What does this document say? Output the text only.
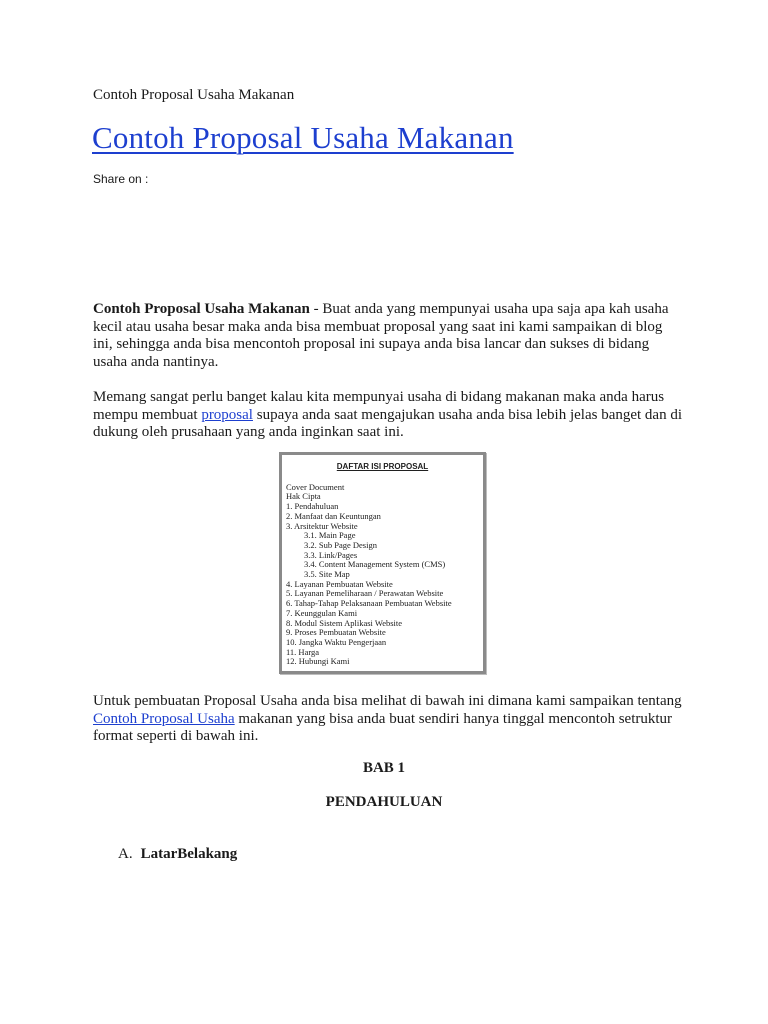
Contoh Proposal Usaha Makanan
Contoh Proposal Usaha Makanan
Share on :
Contoh Proposal Usaha Makanan - Buat anda yang mempunyai usaha upa saja apa kah usaha kecil atau usaha besar maka anda bisa membuat proposal yang saat ini kami sampaikan di blog ini, sehingga anda bisa mencontoh proposal ini supaya anda bisa lancar dan sukses di bidang usaha anda nantinya.
Memang sangat perlu banget kalau kita mempunyai usaha di bidang makanan maka anda harus mempu membuat proposal supaya anda saat mengajukan usaha anda bisa lebih jelas banget dan di dukung oleh prusahaan yang anda inginkan saat ini.
DAFTAR ISI PROPOSAL
Cover Document
Hak Cipta
1. Pendahuluan
2. Manfaat dan Keuntungan
3. Arsitektur Website
3.1. Main Page
3.2. Sub Page Design
3.3. Link/Pages
3.4. Content Management System (CMS)
3.5. Site Map
4. Layanan Pembuatan Website
5. Layanan Pemeliharaan / Perawatan Website
6. Tahap-Tahap Pelaksanaan Pembuatan Website
7. Keunggulan Kami
8. Modul Sistem Aplikasi Website
9. Proses Pembuatan Website
10. Jangka Waktu Pengerjaan
11. Harga
12. Hubungi Kami
Untuk pembuatan Proposal Usaha anda bisa melihat di bawah ini dimana kami sampaikan tentang Contoh Proposal Usaha makanan yang bisa anda buat sendiri hanya tinggal mencontoh setruktur format seperti di bawah ini.
BAB 1
PENDAHULUAN
A. LatarBelakang
